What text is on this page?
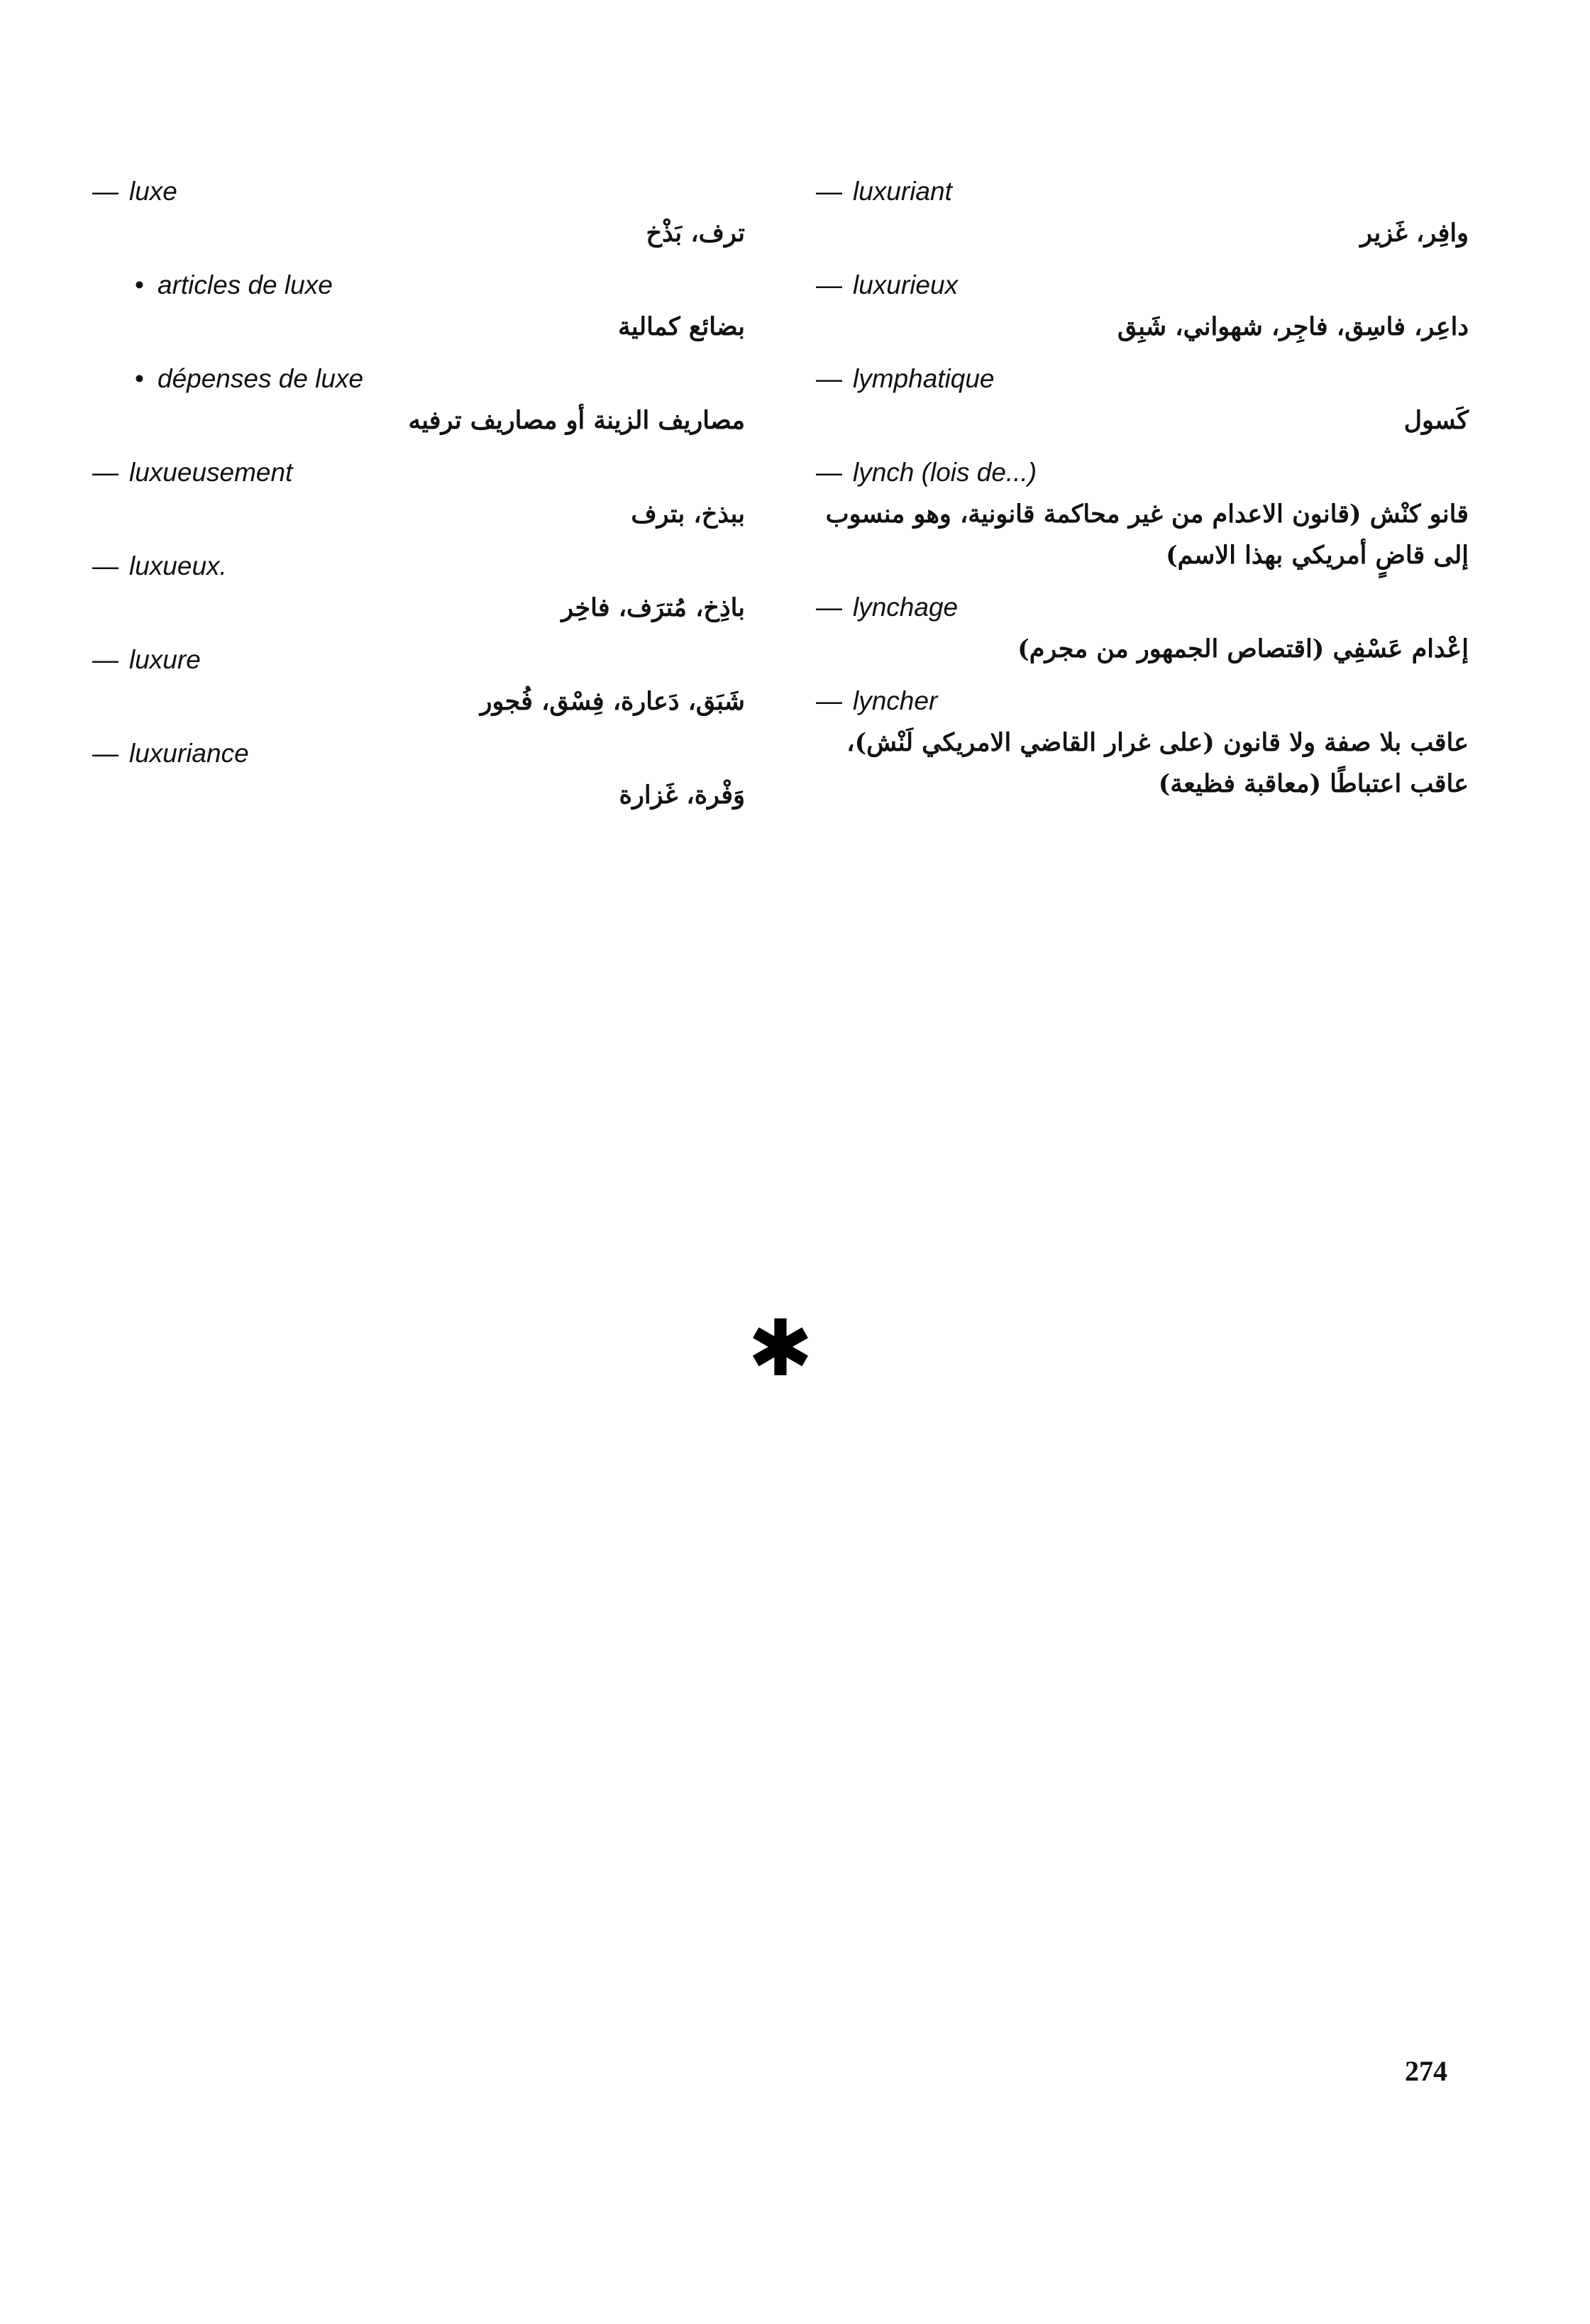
— luxe
ترف، بَذْخ
• articles de luxe
بضائع كمالية
• dépenses de luxe
مصاريف الزينة أو مصاريف ترفيه
— luxueusement
ببذخ، بترف
— luxueux.
باذِخ، مُترَف، فاخِر
— luxure
شَبَق، دَعارة، فِسْق، فُجور
— luxuriance
وَفْرة، غَزارة
— luxuriant
وافِر، غَزير
— luxurieux
داعِر، فاسِق، فاجِر، شهواني، شَبِق
— lymphatique
كَسول
— lynch (lois de...)
قانو كنْش (قانون الاعدام من غير محاكمة قانونية، وهو منسوب إلى قاضٍ أمريكي بهذا الاسم)
— lynchage
إعْدام عَسْفِي (اقتصاص الجمهور من مجرم)
— lyncher
عاقب بلا صفة ولا قانون (على غرار القاضي الامريكي لَنْش)، عاقب اعتباطًا (معاقبة فظيعة)
✱
274
